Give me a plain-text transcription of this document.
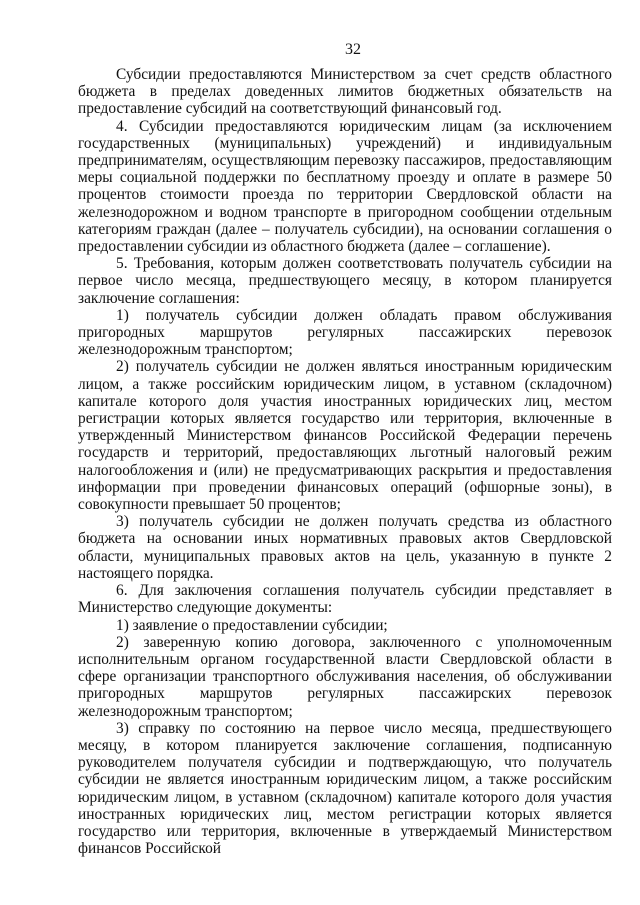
32

Субсидии предоставляются Министерством за счет средств областного бюджета в пределах доведенных лимитов бюджетных обязательств на предоставление субсидий на соответствующий финансовый год.

4. Субсидии предоставляются юридическим лицам (за исключением государственных (муниципальных) учреждений) и индивидуальным предпринимателям, осуществляющим перевозку пассажиров, предоставляющим меры социальной поддержки по бесплатному проезду и оплате в размере 50 процентов стоимости проезда по территории Свердловской области на железнодорожном и водном транспорте в пригородном сообщении отдельным категориям граждан (далее – получатель субсидии), на основании соглашения о предоставлении субсидии из областного бюджета (далее – соглашение).

5. Требования, которым должен соответствовать получатель субсидии на первое число месяца, предшествующего месяцу, в котором планируется заключение соглашения:

1) получатель субсидии должен обладать правом обслуживания пригородных маршрутов регулярных пассажирских перевозок железнодорожным транспортом;

2) получатель субсидии не должен являться иностранным юридическим лицом, а также российским юридическим лицом, в уставном (складочном) капитале которого доля участия иностранных юридических лиц, местом регистрации которых является государство или территория, включенные в утвержденный Министерством финансов Российской Федерации перечень государств и территорий, предоставляющих льготный налоговый режим налогообложения и (или) не предусматривающих раскрытия и предоставления информации при проведении финансовых операций (офшорные зоны), в совокупности превышает 50 процентов;

3) получатель субсидии не должен получать средства из областного бюджета на основании иных нормативных правовых актов Свердловской области, муниципальных правовых актов на цель, указанную в пункте 2 настоящего порядка.

6. Для заключения соглашения получатель субсидии представляет в Министерство следующие документы:

1) заявление о предоставлении субсидии;

2) заверенную копию договора, заключенного с уполномоченным исполнительным органом государственной власти Свердловской области в сфере организации транспортного обслуживания населения, об обслуживании пригородных маршрутов регулярных пассажирских перевозок железнодорожным транспортом;

3) справку по состоянию на первое число месяца, предшествующего месяцу, в котором планируется заключение соглашения, подписанную руководителем получателя субсидии и подтверждающую, что получатель субсидии не является иностранным юридическим лицом, а также российским юридическим лицом, в уставном (складочном) капитале которого доля участия иностранных юридических лиц, местом регистрации которых является государство или территория, включенные в утверждаемый Министерством финансов Российской
